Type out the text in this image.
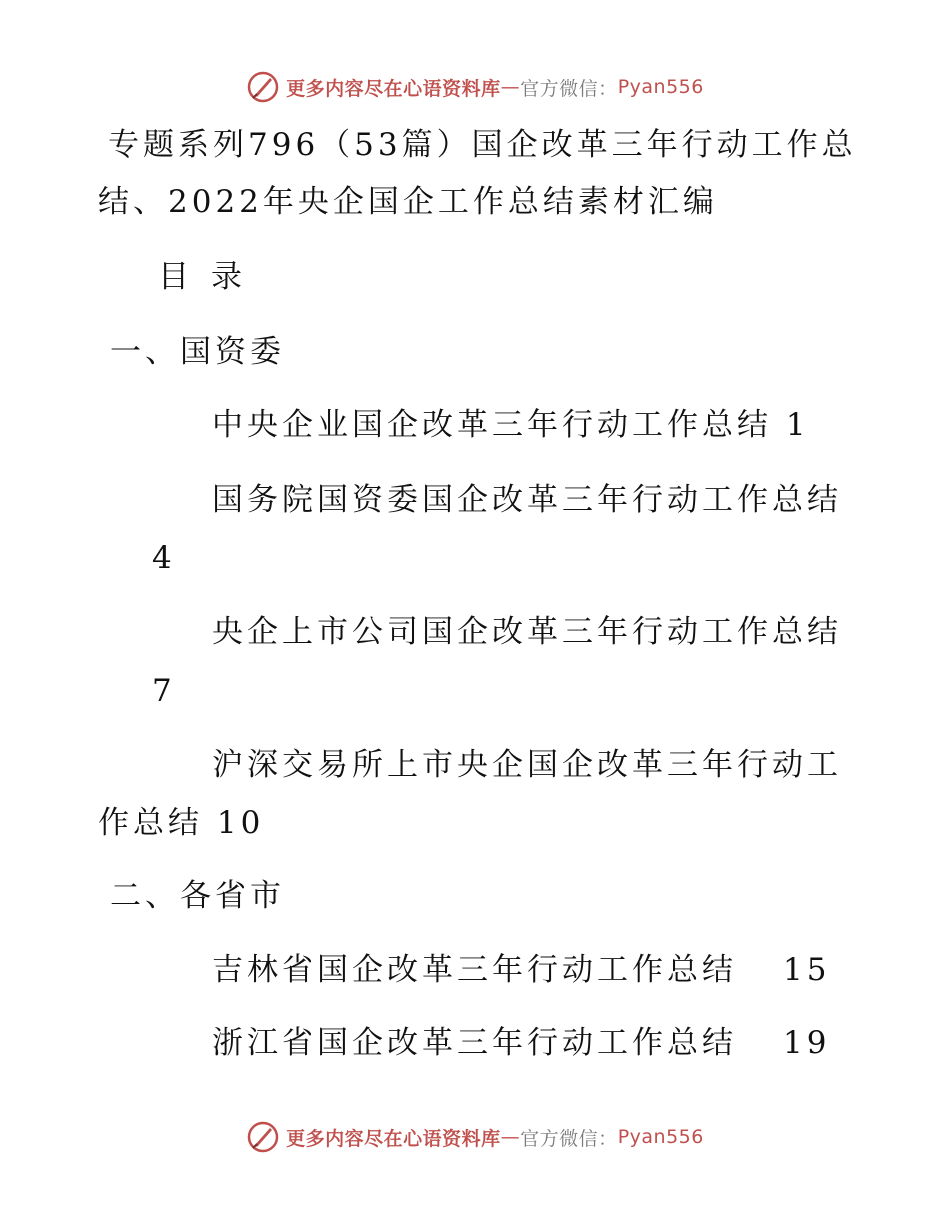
更多内容尽在心语资料库 — 官方微信： Pyan556
专题系列796（53篇）国企改革三年行动工作总
结、2022年央企国企工作总结素材汇编
目录
一、国资委
中央企业国企改革三年行动工作总结 1
国务院国资委国企改革三年行动工作总结
4
央企上市公司国企改革三年行动工作总结
7
沪深交易所上市央企国企改革三年行动工
作总结 10
二、各省市
吉林省国企改革三年行动工作总结 15
浙江省国企改革三年行动工作总结 19
更多内容尽在心语资料库 — 官方微信： Pyan556
